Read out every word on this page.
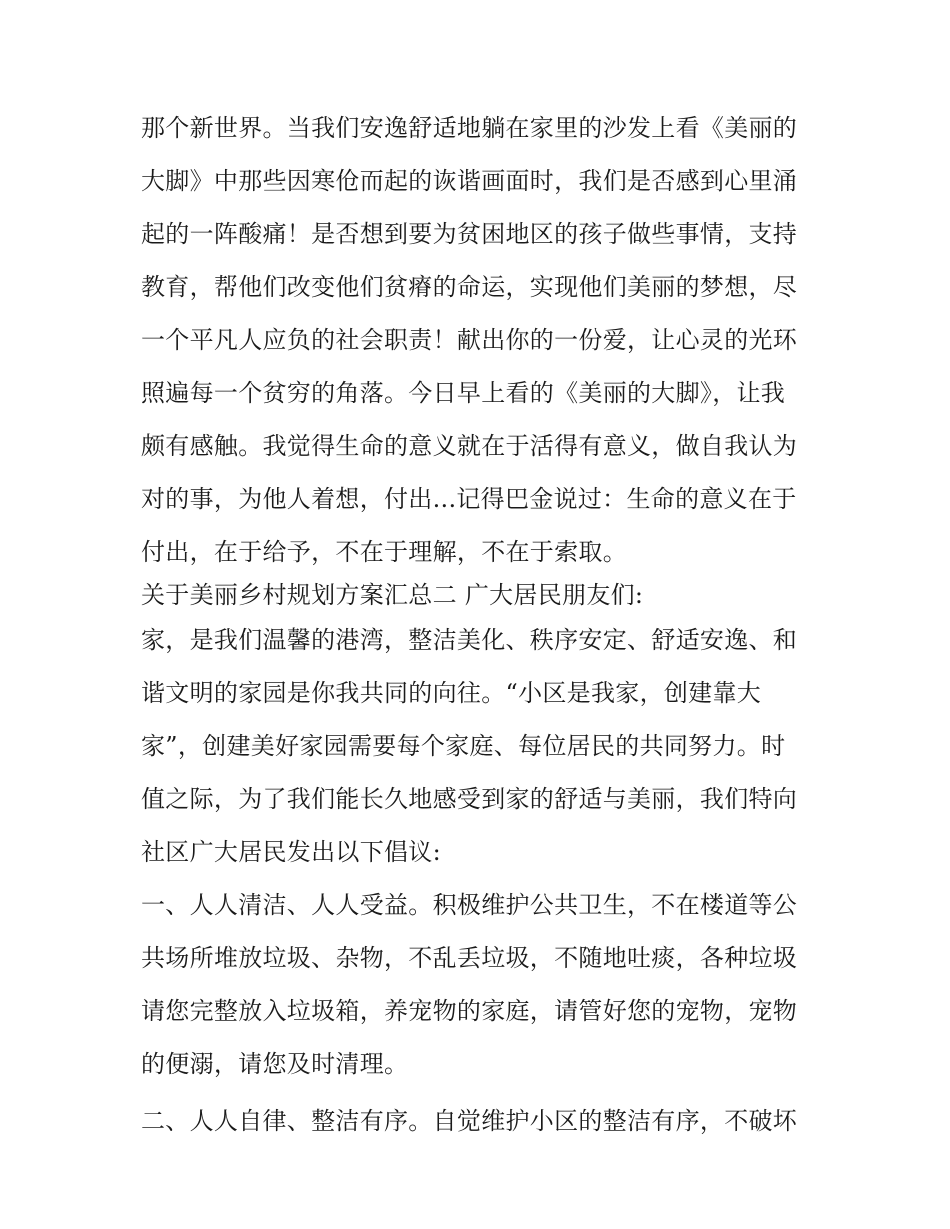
那个新世界。当我们安逸舒适地躺在家里的沙发上看《美丽的
大脚》中那些因寒伧而起的诙谐画面时，我们是否感到心里涌
起的一阵酸痛！是否想到要为贫困地区的孩子做些事情，支持
教育，帮他们改变他们贫瘠的命运，实现他们美丽的梦想，尽
一个平凡人应负的社会职责！献出你的一份爱，让心灵的光环
照遍每一个贫穷的角落。今日早上看的《美丽的大脚》，让我
颇有感触。我觉得生命的意义就在于活得有意义，做自我认为
对的事，为他人着想，付出...记得巴金说过：生命的意义在于
付出，在于给予，不在于理解，不在于索取。
关于美丽乡村规划方案汇总二 广大居民朋友们:
家，是我们温馨的港湾，整洁美化、秩序安定、舒适安逸、和
谐文明的家园是你我共同的向往。“小区是我家，创建靠大
家”，创建美好家园需要每个家庭、每位居民的共同努力。时
值之际，为了我们能长久地感受到家的舒适与美丽，我们特向
社区广大居民发出以下倡议:
一、人人清洁、人人受益。积极维护公共卫生，不在楼道等公
共场所堆放垃圾、杂物，不乱丢垃圾，不随地吐痰，各种垃圾
请您完整放入垃圾箱，养宠物的家庭，请管好您的宠物，宠物
的便溺，请您及时清理。
二、人人自律、整洁有序。自觉维护小区的整洁有序，不破坏
